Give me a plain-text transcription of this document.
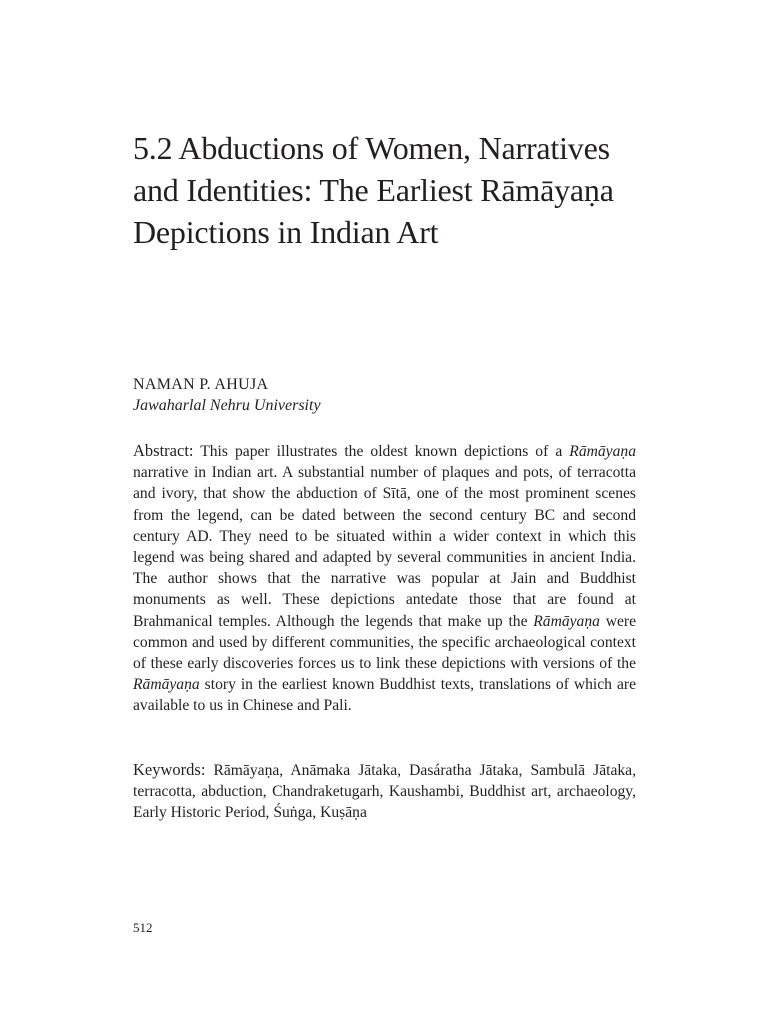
5.2 Abductions of Women, Narratives and Identities: The Earliest Rāmāyaṇa Depictions in Indian Art
NAMAN P. AHUJA
Jawaharlal Nehru University

Abstract: This paper illustrates the oldest known depictions of a Rāmāyaṇa narrative in Indian art. A substantial number of plaques and pots, of terracotta and ivory, that show the abduction of Sītā, one of the most prominent scenes from the legend, can be dated between the second century BC and second century AD. They need to be situated within a wider context in which this legend was being shared and adapted by several communities in ancient India. The author shows that the narrative was popular at Jain and Buddhist monuments as well. These depictions antedate those that are found at Brahmanical temples. Although the legends that make up the Rāmāyaṇa were common and used by different communities, the specific archaeological context of these early discoveries forces us to link these depictions with versions of the Rāmāyaṇa story in the earliest known Buddhist texts, translations of which are available to us in Chinese and Pali.

Keywords: Rāmāyaṇa, Anāmaka Jātaka, Dasáratha Jātaka, Sambulā Jātaka, terracotta, abduction, Chandraketugarh, Kaushambi, Buddhist art, archaeology, Early Historic Period, Śuṅga, Kuṣāṇa

512
